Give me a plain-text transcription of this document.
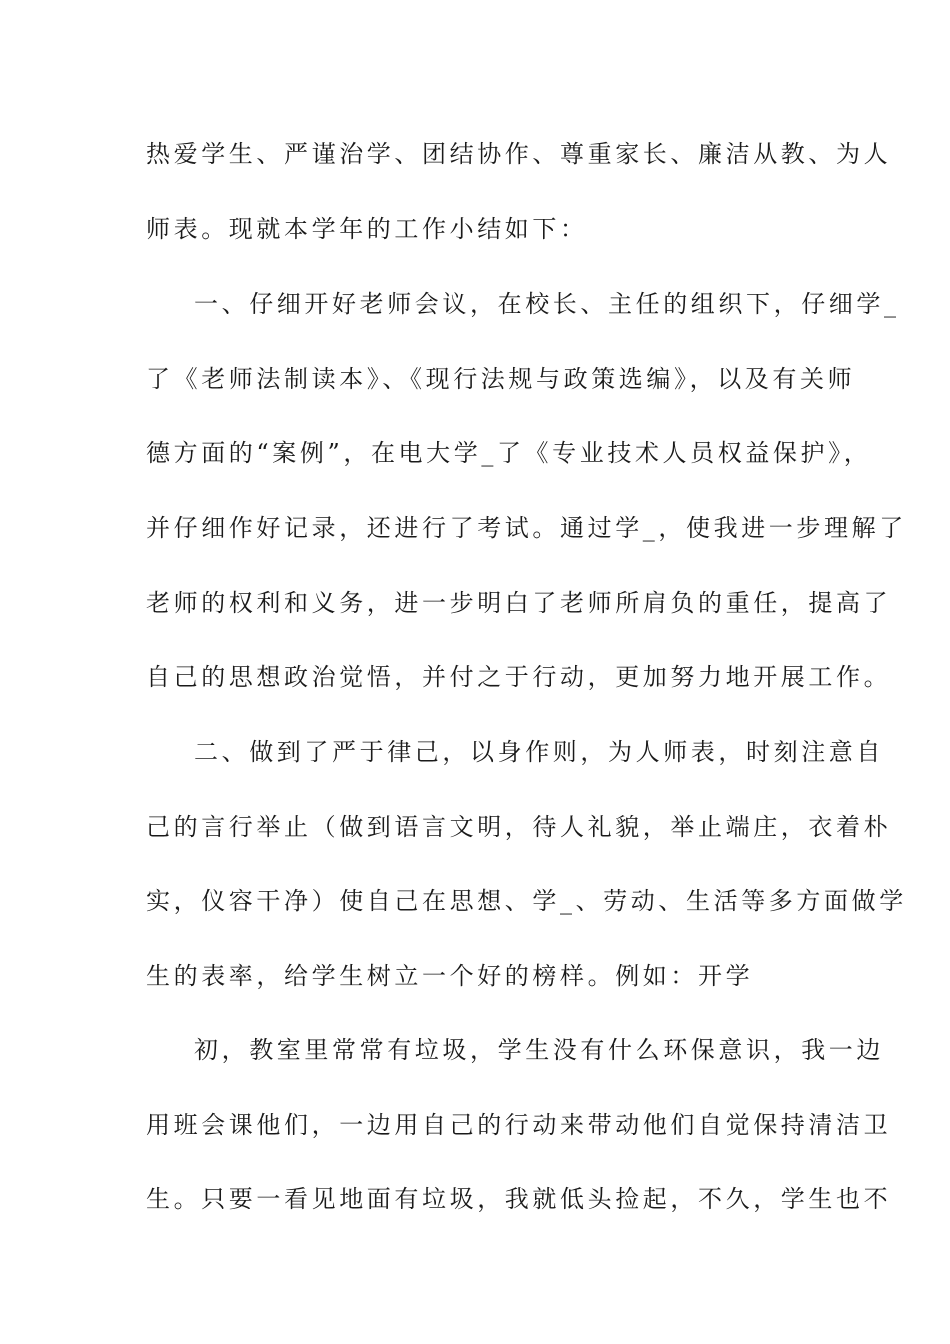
热爱学生、严谨治学、团结协作、尊重家长、廉洁从教、为人
师表。现就本学年的工作小结如下：
一、仔细开好老师会议，在校长、主任的组织下，仔细学_
了《老师法制读本》、《现行法规与政策选编》，以及有关师
德方面的“案例”，在电大学_了《专业技术人员权益保护》，
并仔细作好记录，还进行了考试。通过学_，使我进一步理解了
老师的权利和义务，进一步明白了老师所肩负的重任，提高了
自己的思想政治觉悟，并付之于行动，更加努力地开展工作。
二、做到了严于律己，以身作则，为人师表，时刻注意自
己的言行举止（做到语言文明，待人礼貌，举止端庄，衣着朴
实，仪容干净）使自己在思想、学_、劳动、生活等多方面做学
生的表率，给学生树立一个好的榜样。例如：开学
初，教室里常常有垃圾，学生没有什么环保意识，我一边
用班会课他们，一边用自己的行动来带动他们自觉保持清洁卫
生。只要一看见地面有垃圾，我就低头捡起，不久，学生也不
